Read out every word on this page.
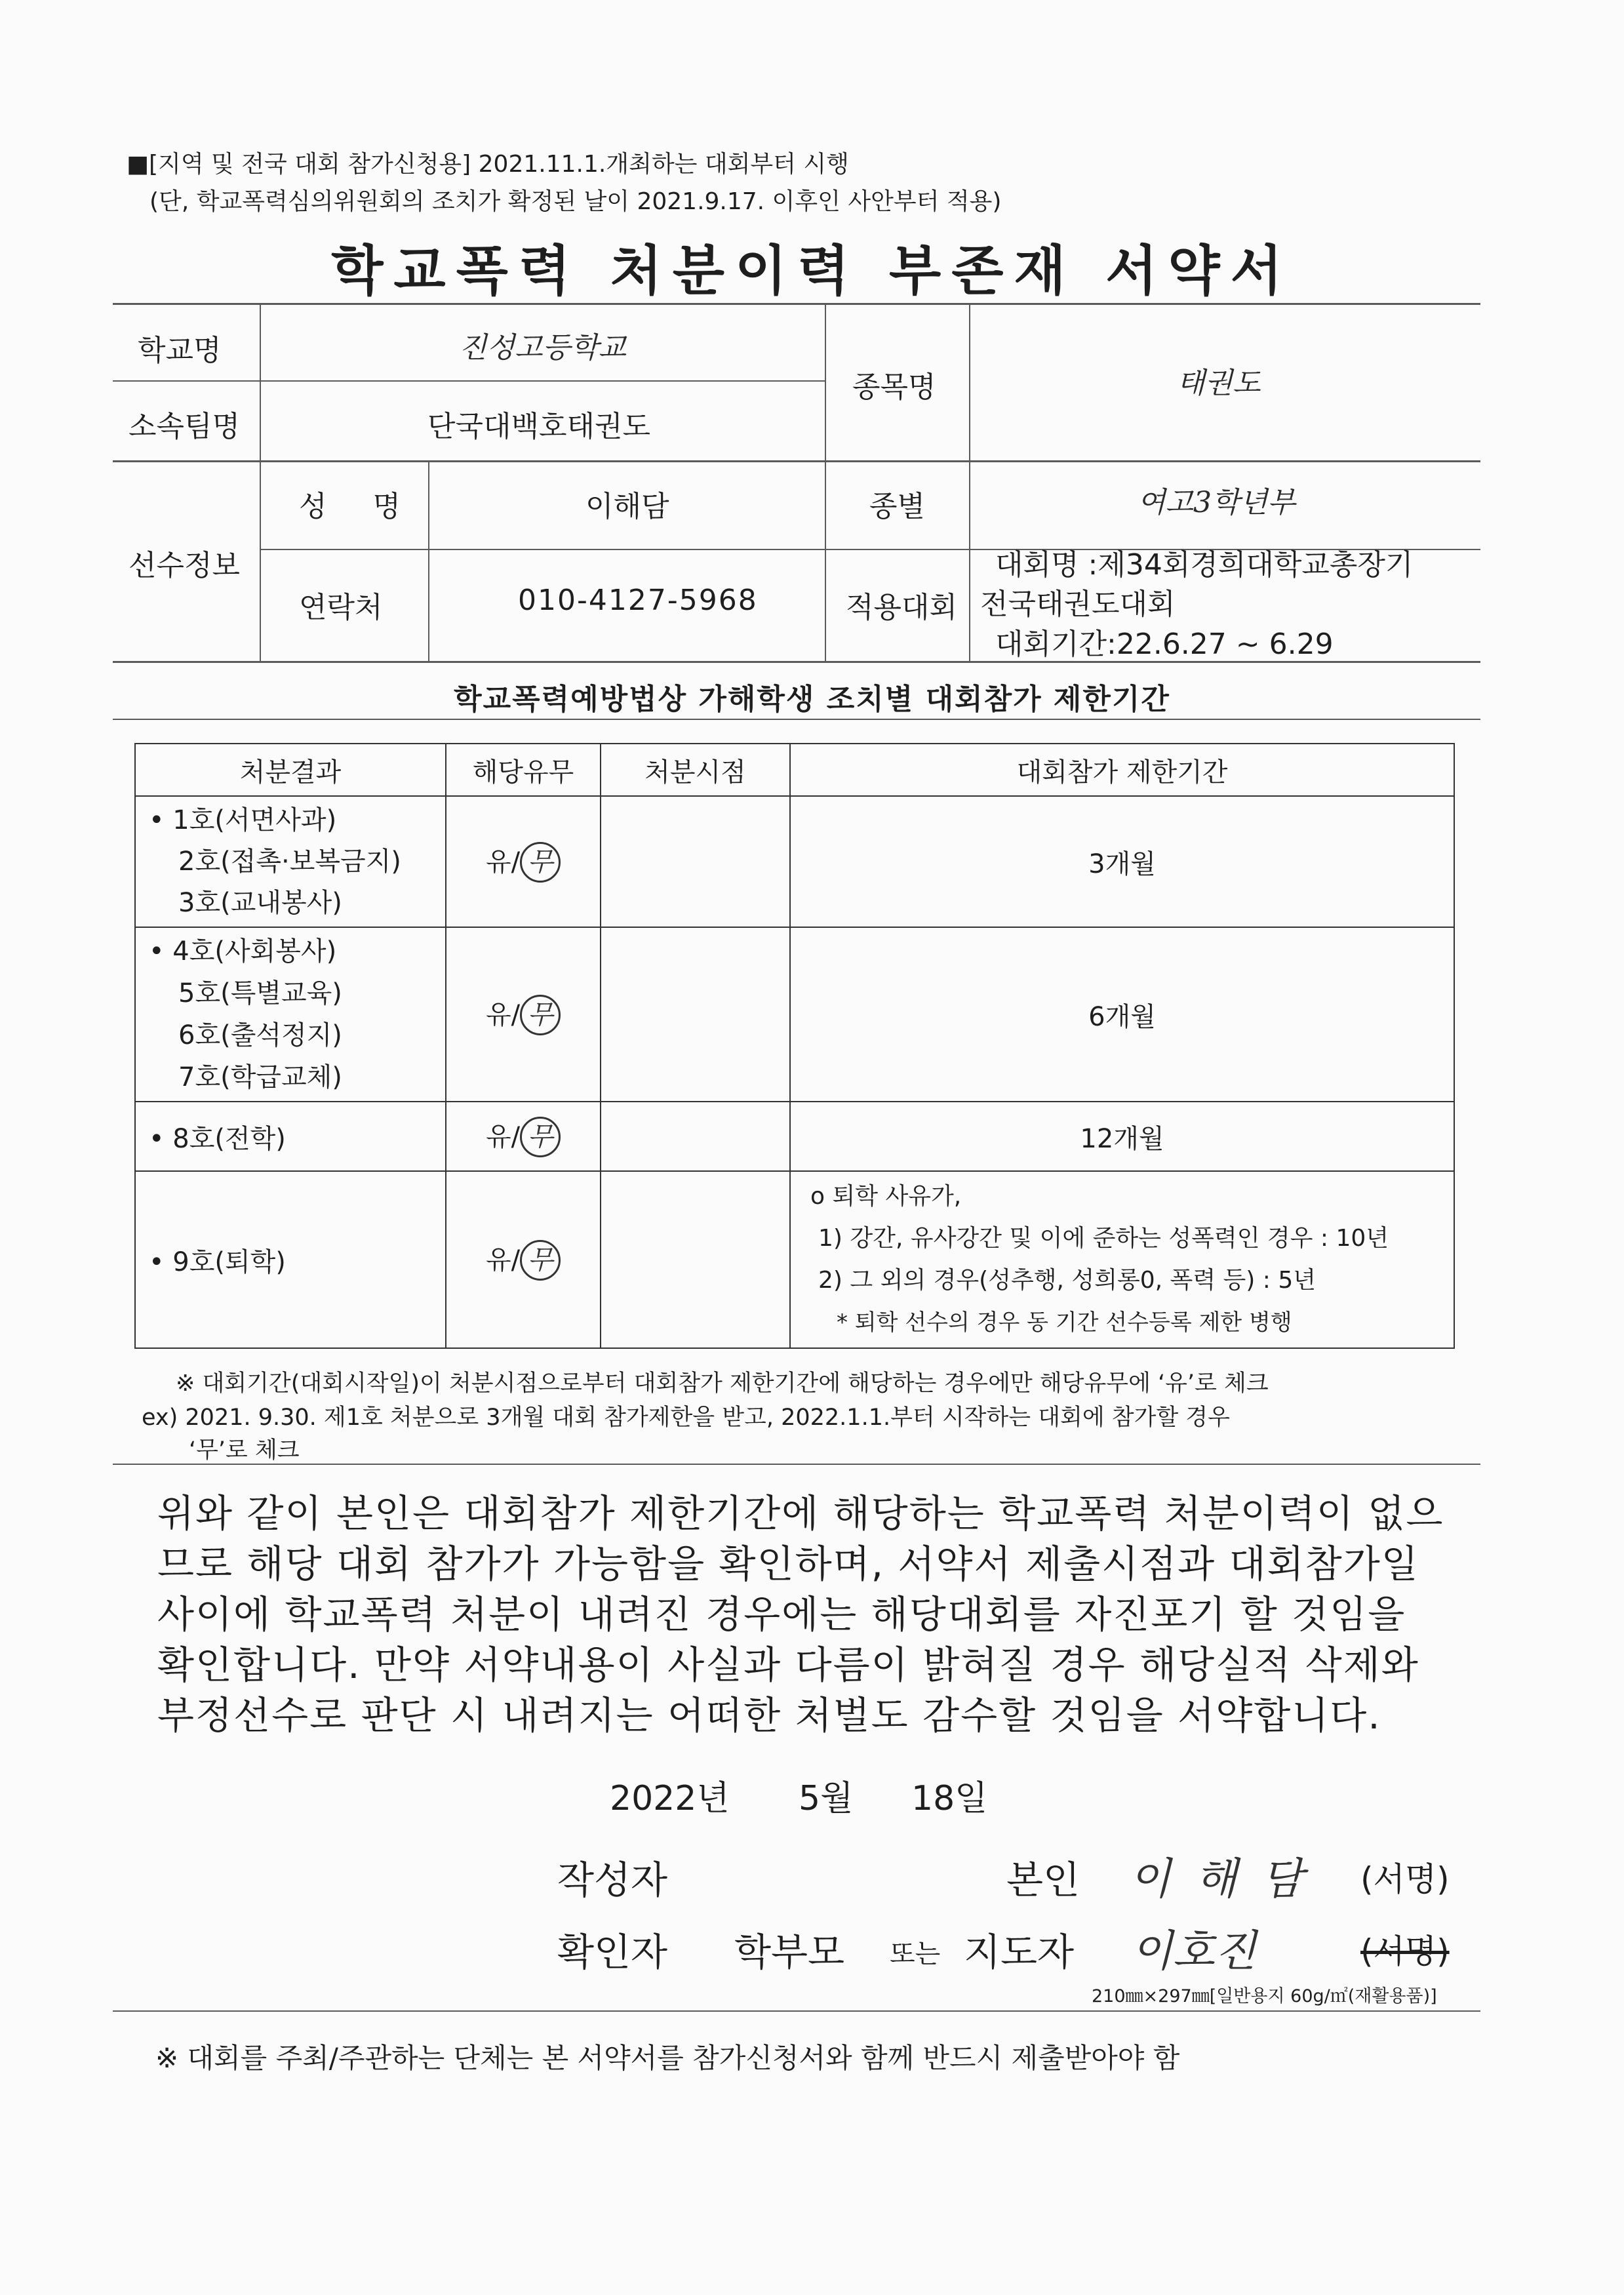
■[지역 및 전국 대회 참가신청용] 2021.11.1.개최하는 대회부터 시행
(단, 학교폭력심의위원회의 조치가 확정된 날이 2021.9.17. 이후인 사안부터 적용)
학교폭력 처분이력 부존재 서약서
학교명	진성고등학교
소속팀명	단국대백호태권도
종목명	태권도
선수정보
성 명	이해담	종별	여고3학년부
연락처	010-4127-5968	적용대회
대회명 :제34회경희대학교총장기
전국태권도대회
대회기간:22.6.27 ~ 6.29
학교폭력예방법상 가해학생 조치별 대회참가 제한기간
처분결과	해당유무	처분시점	대회참가 제한기간

• 1호(서면사과)
2호(접촉·보복금지)
3호(교내봉사)	유/ 무		3개월

• 4호(사회봉사)
5호(특별교육)
6호(출석정지)
7호(학급교체)	유/ 무		6개월

• 8호(전학)	유/ 무		12개월

• 9호(퇴학)	유/ 무		o 퇴학 사유가,
1) 강간, 유사강간 및 이에 준하는 성폭력인 경우 : 10년
2) 그 외의 경우(성추행, 성희롱0, 폭력 등) : 5년
* 퇴학 선수의 경우 동 기간 선수등록 제한 병행
※ 대회기간(대회시작일)이 처분시점으로부터 대회참가 제한기간에 해당하는 경우에만 해당유무에 ‘유’로 체크
ex) 2021. 9.30. 제1호 처분으로 3개월 대회 참가제한을 받고, 2022.1.1.부터 시작하는 대회에 참가할 경우
‘무’로 체크
위와 같이 본인은 대회참가 제한기간에 해당하는 학교폭력 처분이력이 없으
므로 해당 대회 참가가 가능함을 확인하며, 서약서 제출시점과 대회참가일
사이에 학교폭력 처분이 내려진 경우에는 해당대회를 자진포기 할 것임을
확인합니다. 만약 서약내용이 사실과 다름이 밝혀질 경우 해당실적 삭제와
부정선수로 판단 시 내려지는 어떠한 처벌도 감수할 것임을 서약합니다.
2022년 5월 18일
작성자	본인 이 해 담 (서명)
확인자 학부모 또는 지도자 이호진	(서명)
210㎜×297㎜[일반용지 60g/㎡(재활용품)]
※ 대회를 주최/주관하는 단체는 본 서약서를 참가신청서와 함께 반드시 제출받아야 함
